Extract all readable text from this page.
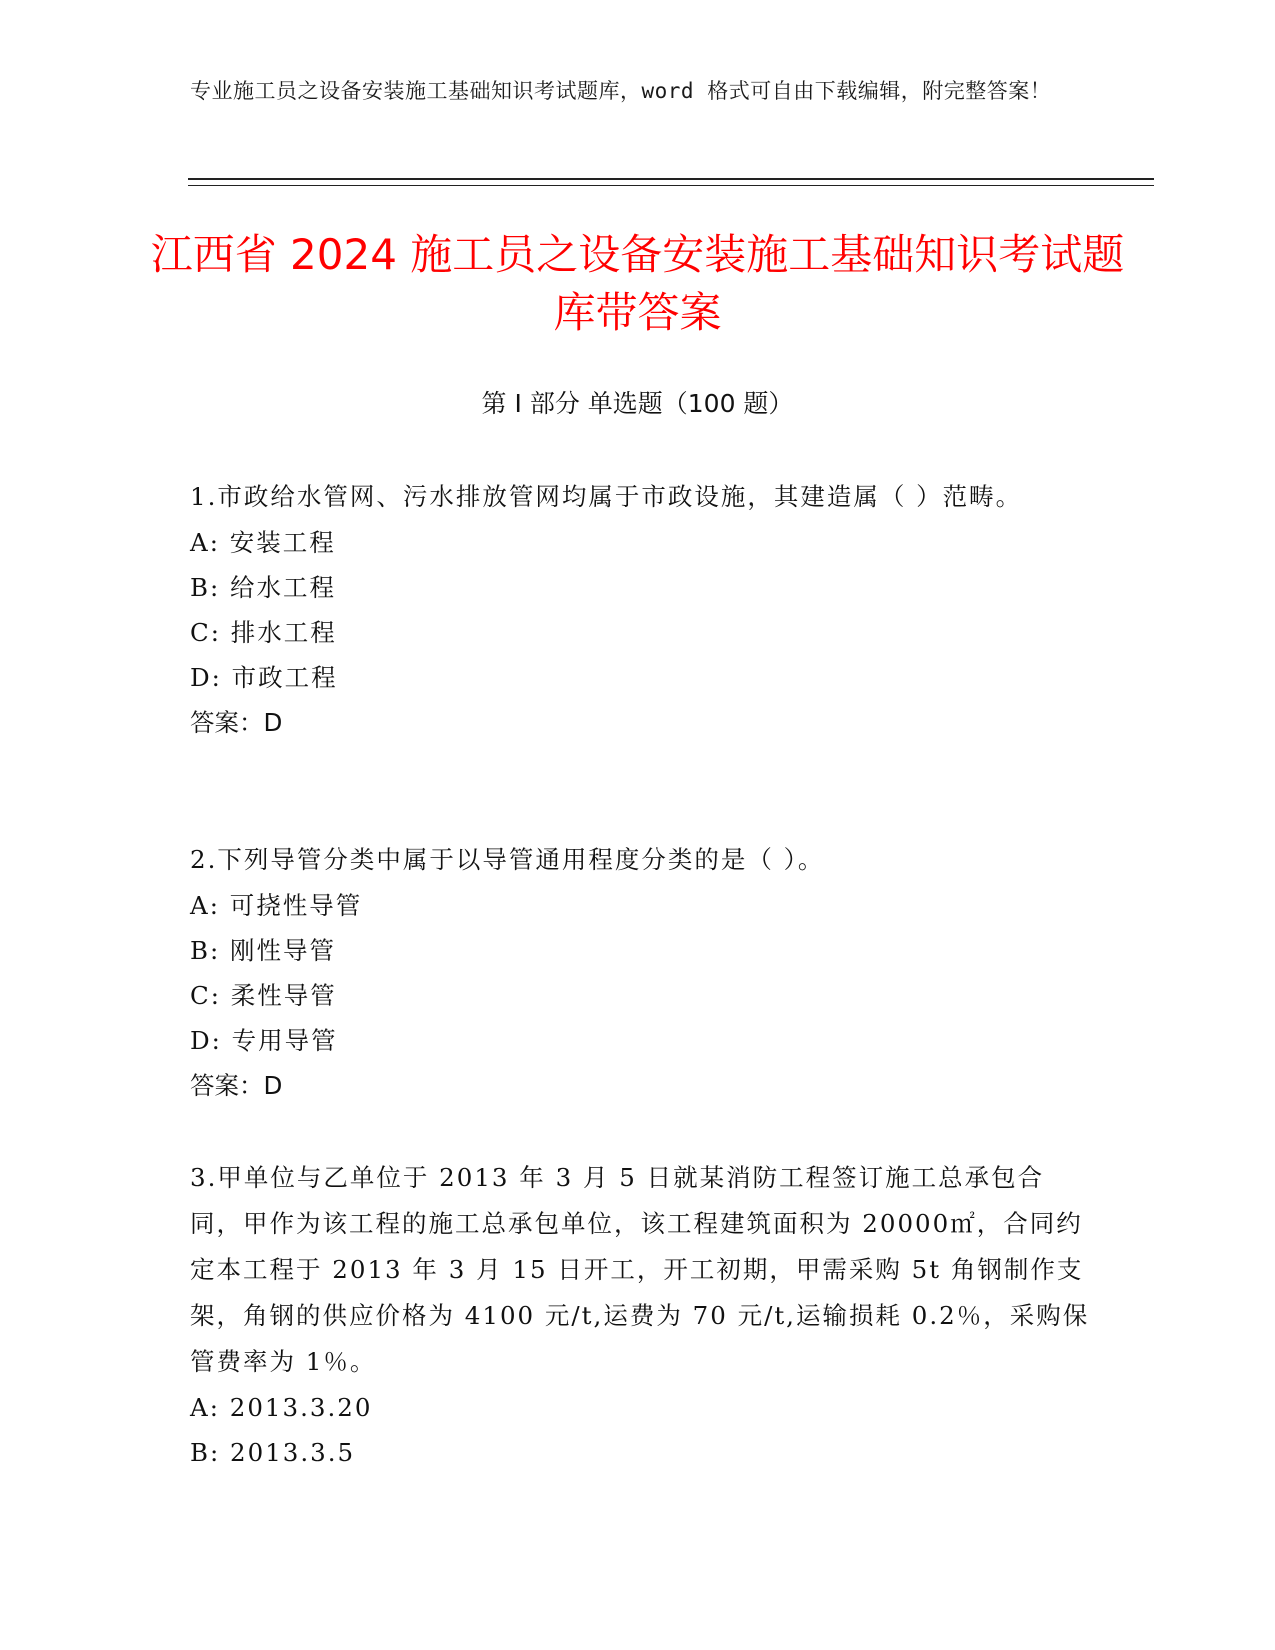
专业施工员之设备安装施工基础知识考试题库，word 格式可自由下载编辑，附完整答案！
江西省 2024 施工员之设备安装施工基础知识考试题库带答案
第 I 部分 单选题（100 题）

1.市政给水管网、污水排放管网均属于市政设施，其建造属（ ）范畴。

A: 安装工程

B: 给水工程

C: 排水工程

D: 市政工程

答案：D

2.下列导管分类中属于以导管通用程度分类的是（ ）。

A: 可挠性导管

B: 刚性导管

C: 柔性导管

D: 专用导管

答案：D

3.甲单位与乙单位于 2013 年 3 月 5 日就某消防工程签订施工总承包合同，甲作为该工程的施工总承包单位，该工程建筑面积为 20000㎡，合同约定本工程于 2013 年 3 月 15 日开工，开工初期，甲需采购 5t 角钢制作支架，角钢的供应价格为 4100 元/t,运费为 70 元/t,运输损耗 0.2％，采购保管费率为 1％。

A: 2013.3.20

B: 2013.3.5
